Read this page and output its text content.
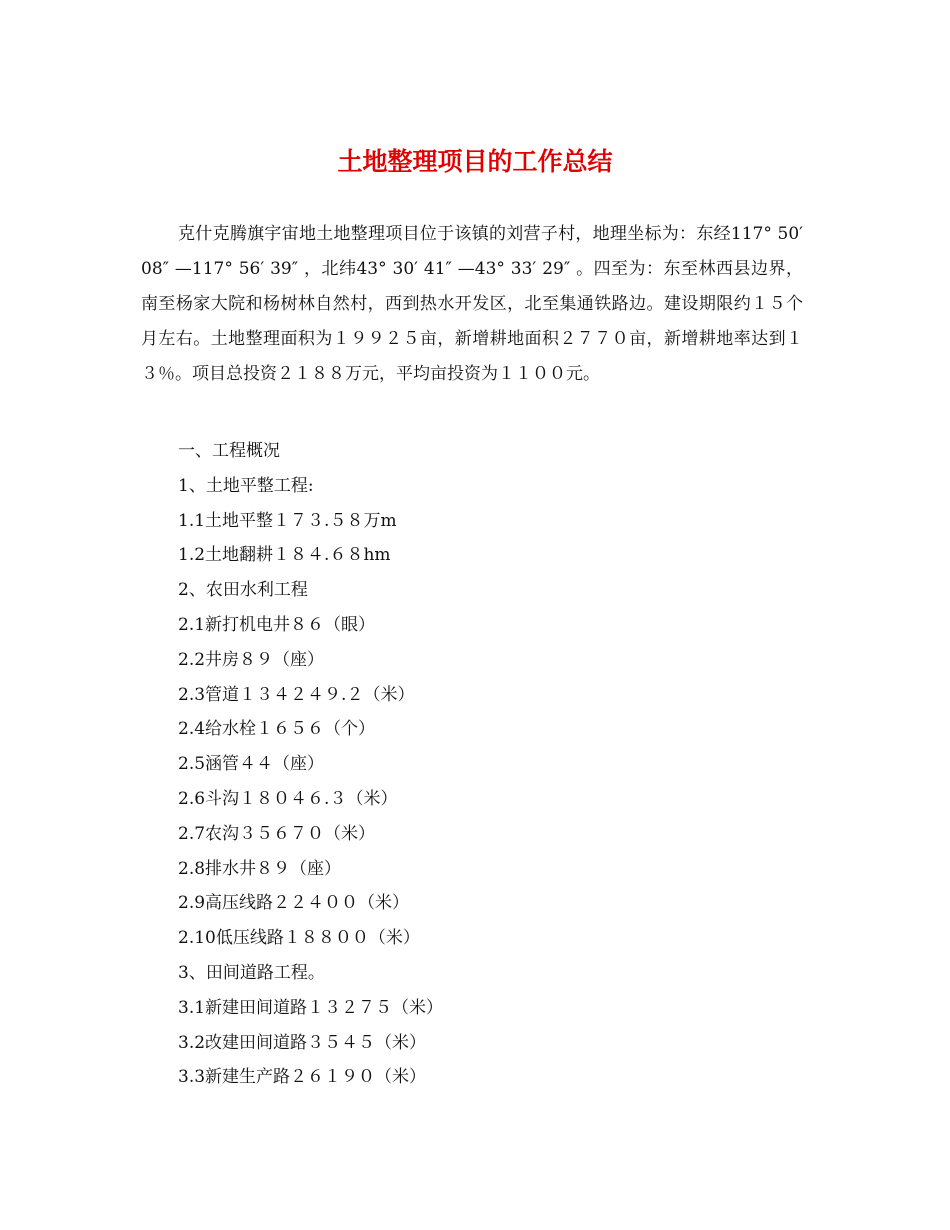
土地整理项目的工作总结
克什克腾旗宇宙地土地整理项目位于该镇的刘营子村，地理坐标为：东经117° 50′ 08″ —117° 56′ 39″ ，北纬43° 30′ 41″ —43° 33′ 29″ 。四至为：东至林西县边界，南至杨家大院和杨树林自然村，西到热水开发区，北至集通铁路边。建设期限约１５个月左右。土地整理面积为１９９２５亩，新增耕地面积２７７０亩，新增耕地率达到１３％。项目总投资２１８８万元，平均亩投资为１１００元。
一、工程概况
1、土地平整工程:
1.1土地平整１７３.５８万m
1.2土地翻耕１８４.６８hm
2、农田水利工程
2.1新打机电井８６（眼）
2.2井房８９（座）
2.3管道１３４２４９.２（米）
2.4给水栓１６５６（个）
2.5涵管４４（座）
2.6斗沟１８０４６.３（米）
2.7农沟３５６７０（米）
2.8排水井８９（座）
2.9高压线路２２４００（米）
2.10低压线路１８８００（米）
3、田间道路工程。
3.1新建田间道路１３２７５（米）
3.2改建田间道路３５４５（米）
3.3新建生产路２６１９０（米）
